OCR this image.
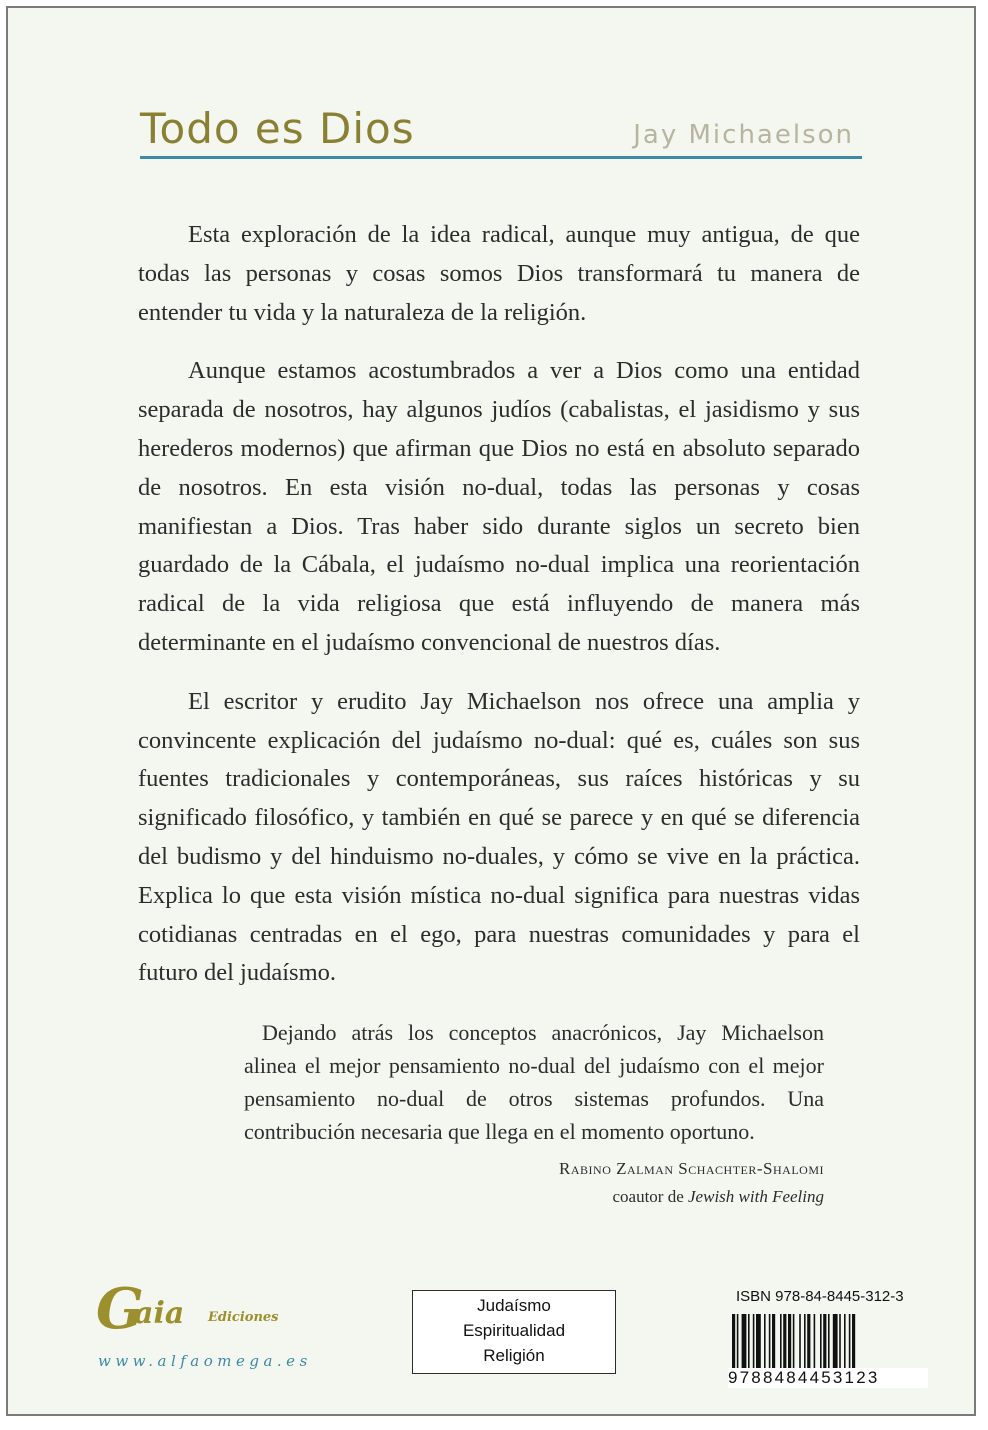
Todo es Dios	Jay Michaelson

Esta exploración de la idea radical, aunque muy antigua, de que todas las personas y cosas somos Dios transformará tu manera de entender tu vida y la naturaleza de la religión.

Aunque estamos acostumbrados a ver a Dios como una entidad separada de nosotros, hay algunos judíos (cabalistas, el jasidismo y sus herederos modernos) que afirman que Dios no está en absoluto separado de nosotros. En esta visión no-dual, todas las personas y cosas manifiestan a Dios. Tras haber sido durante siglos un secreto bien guardado de la Cábala, el judaísmo no-dual implica una reorientación radical de la vida religiosa que está influyendo de manera más determinante en el judaísmo convencional de nuestros días.

El escritor y erudito Jay Michaelson nos ofrece una amplia y convincente explicación del judaísmo no-dual: qué es, cuáles son sus fuentes tradicionales y contemporáneas, sus raíces históricas y su significado filosófico, y también en qué se parece y en qué se diferencia del budismo y del hinduismo no-duales, y cómo se vive en la práctica. Explica lo que esta visión mística no-dual significa para nuestras vidas cotidianas centradas en el ego, para nuestras comunidades y para el futuro del judaísmo.

Dejando atrás los conceptos anacrónicos, Jay Michaelson alinea el mejor pensamiento no-dual del judaísmo con el mejor pensamiento no-dual de otros sistemas profundos. Una contribución necesaria que llega en el momento oportuno.
Rabino Zalman Schachter-Shalomi
coautor de Jewish with Feeling
G
aia Ediciones
www.alfaomega.es
Judaísmo
Espiritualidad
Religión
ISBN 978-84-8445-312-3
9788484453123
